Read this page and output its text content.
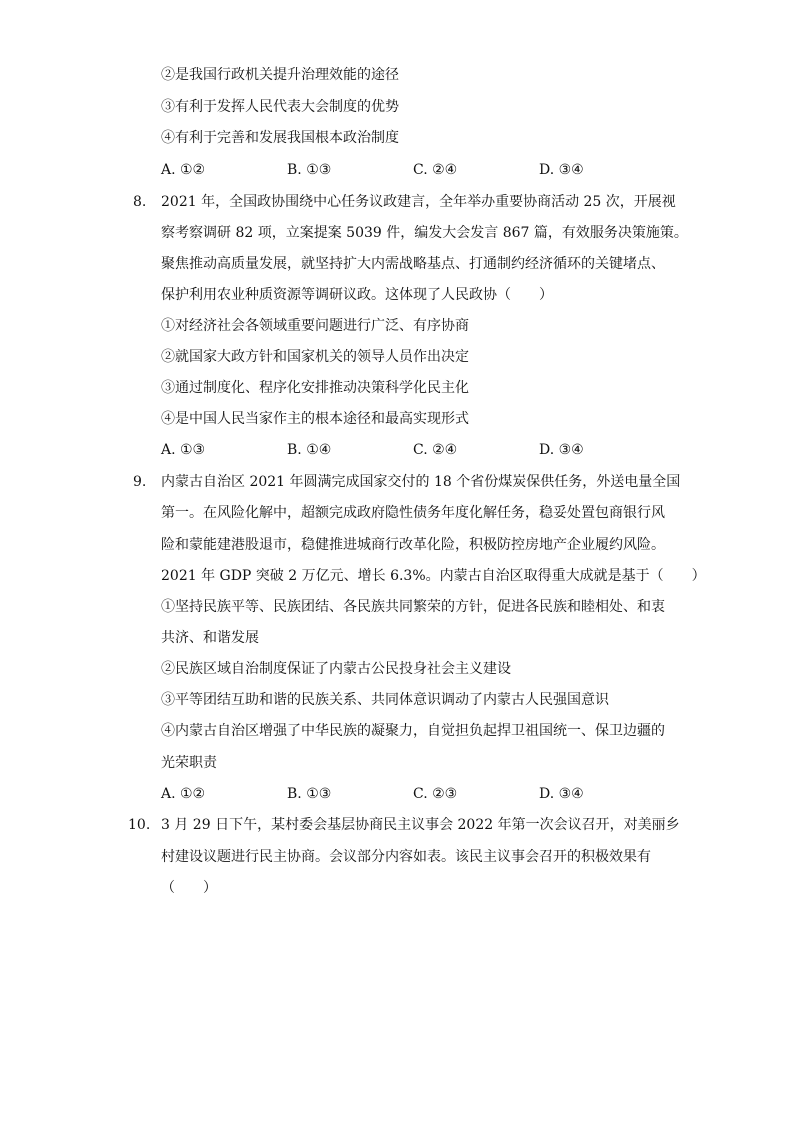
②是我国行政机关提升治理效能的途径
③有利于发挥人民代表大会制度的优势
④有利于完善和发展我国根本政治制度
A. ①②	B. ①③	C. ②④	D. ③④
8. 2021 年，全国政协围绕中心任务议政建言，全年举办重要协商活动 25 次，开展视
察考察调研 82 项，立案提案 5039 件，编发大会发言 867 篇，有效服务决策施策。
聚焦推动高质量发展，就坚持扩大内需战略基点、打通制约经济循环的关键堵点、
保护利用农业种质资源等调研议政。这体现了人民政协（　　）
①对经济社会各领域重要问题进行广泛、有序协商
②就国家大政方针和国家机关的领导人员作出决定
③通过制度化、程序化安排推动决策科学化民主化
④是中国人民当家作主的根本途径和最高实现形式
A. ①③	B. ①④	C. ②④	D. ③④
9. 内蒙古自治区 2021 年圆满完成国家交付的 18 个省份煤炭保供任务，外送电量全国
第一。在风险化解中，超额完成政府隐性债务年度化解任务，稳妥处置包商银行风
险和蒙能建港股退市，稳健推进城商行改革化险，积极防控房地产企业履约风险。
2021 年 GDP 突破 2 万亿元、增长 6.3%。内蒙古自治区取得重大成就是基于（　　）
①坚持民族平等、民族团结、各民族共同繁荣的方针，促进各民族和睦相处、和衷
共济、和谐发展
②民族区域自治制度保证了内蒙古公民投身社会主义建设
③平等团结互助和谐的民族关系、共同体意识调动了内蒙古人民强国意识
④内蒙古自治区增强了中华民族的凝聚力，自觉担负起捍卫祖国统一、保卫边疆的
光荣职责
A. ①②	B. ①③	C. ②③	D. ③④
10. 3 月 29 日下午，某村委会基层协商民主议事会 2022 年第一次会议召开，对美丽乡
村建设议题进行民主协商。会议部分内容如表。该民主议事会召开的积极效果有
（　　）
